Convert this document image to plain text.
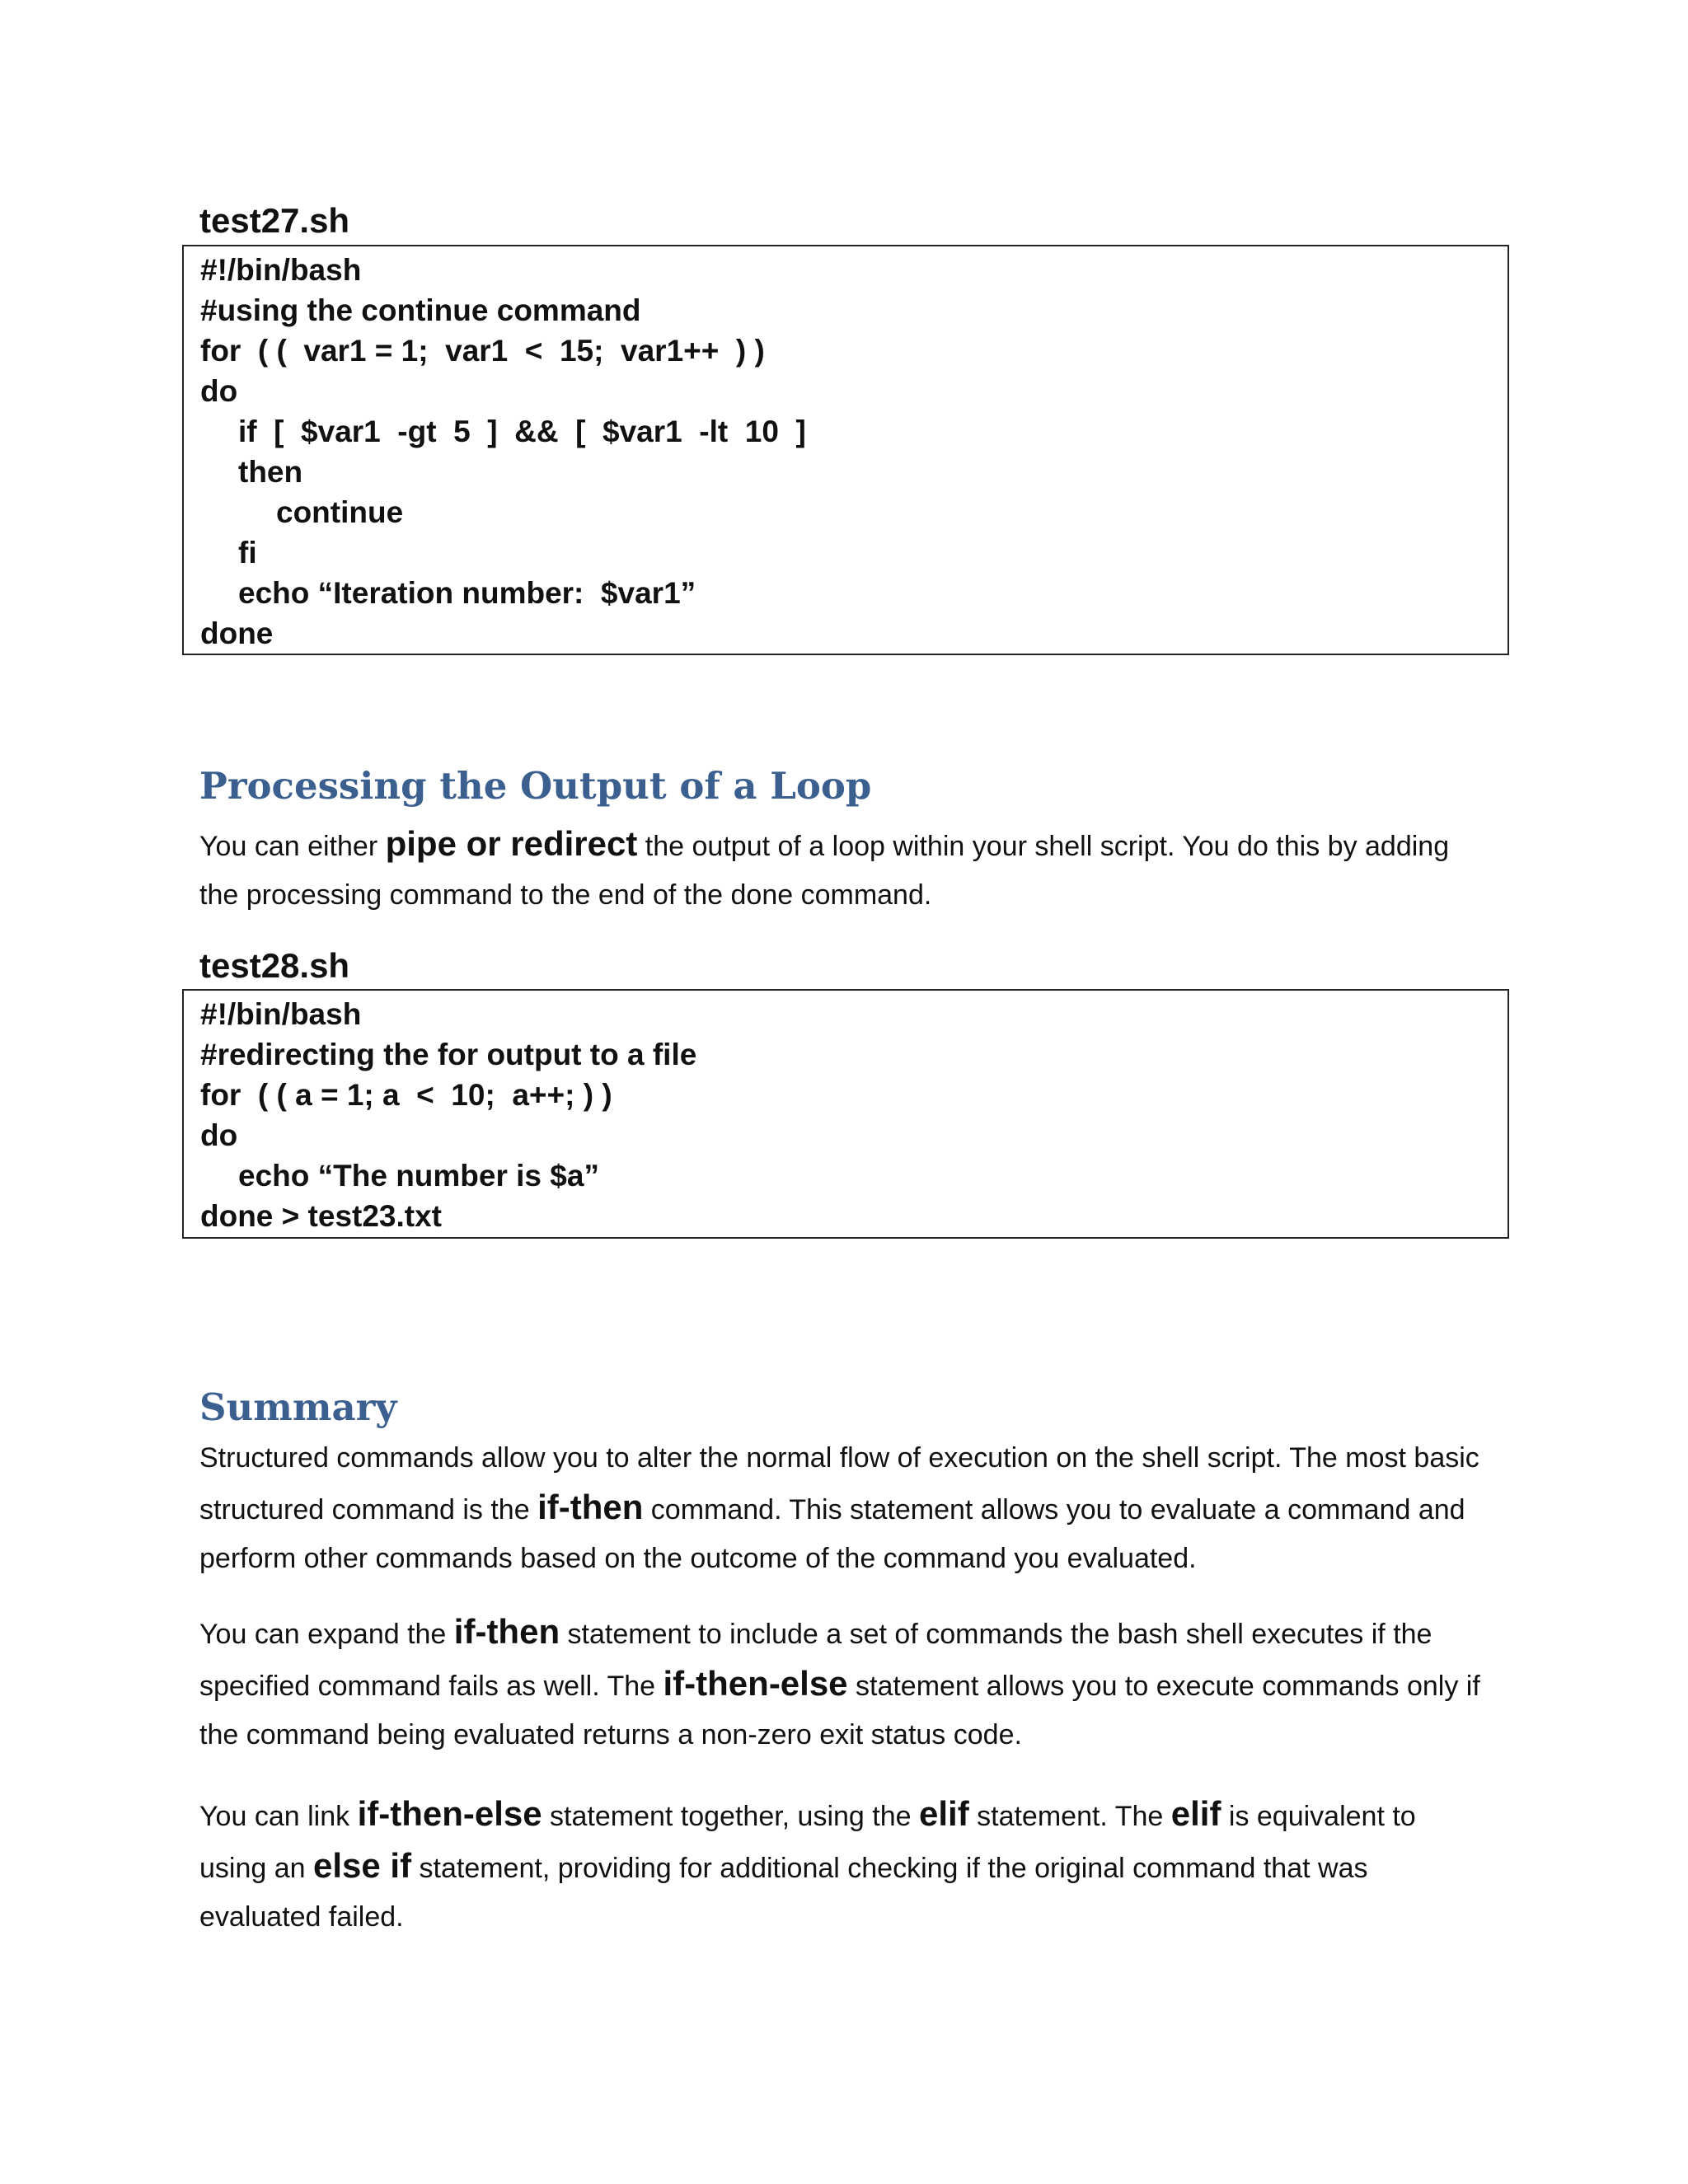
test27.sh
#!/bin/bash
#using the continue command
for  ( (  var1 = 1;  var1  <  15;  var1++  ) )
do
if  [  $var1  -gt  5  ]  &&  [  $var1  -lt  10  ]
then
continue
fi
echo “Iteration number:  $var1”
done
Processing the Output of a Loop

You can either pipe or redirect the output of a loop within your shell script. You do this by adding
the processing command to the end of the done command.

test28.sh
#!/bin/bash
#redirecting the for output to a file
for  ( ( a = 1; a  <  10;  a++; ) )
do
echo “The number is $a”
done > test23.txt
Summary

Structured commands allow you to alter the normal flow of execution on the shell script. The most basic
structured command is the if-then command. This statement allows you to evaluate a command and
perform other commands based on the outcome of the command you evaluated.

You can expand the if-then statement to include a set of commands the bash shell executes if the
specified command fails as well. The if-then-else statement allows you to execute commands only if
the command being evaluated returns a non-zero exit status code.

You can link if-then-else statement together, using the elif statement. The elif is equivalent to
using an else if statement, providing for additional checking if the original command that was
evaluated failed.
